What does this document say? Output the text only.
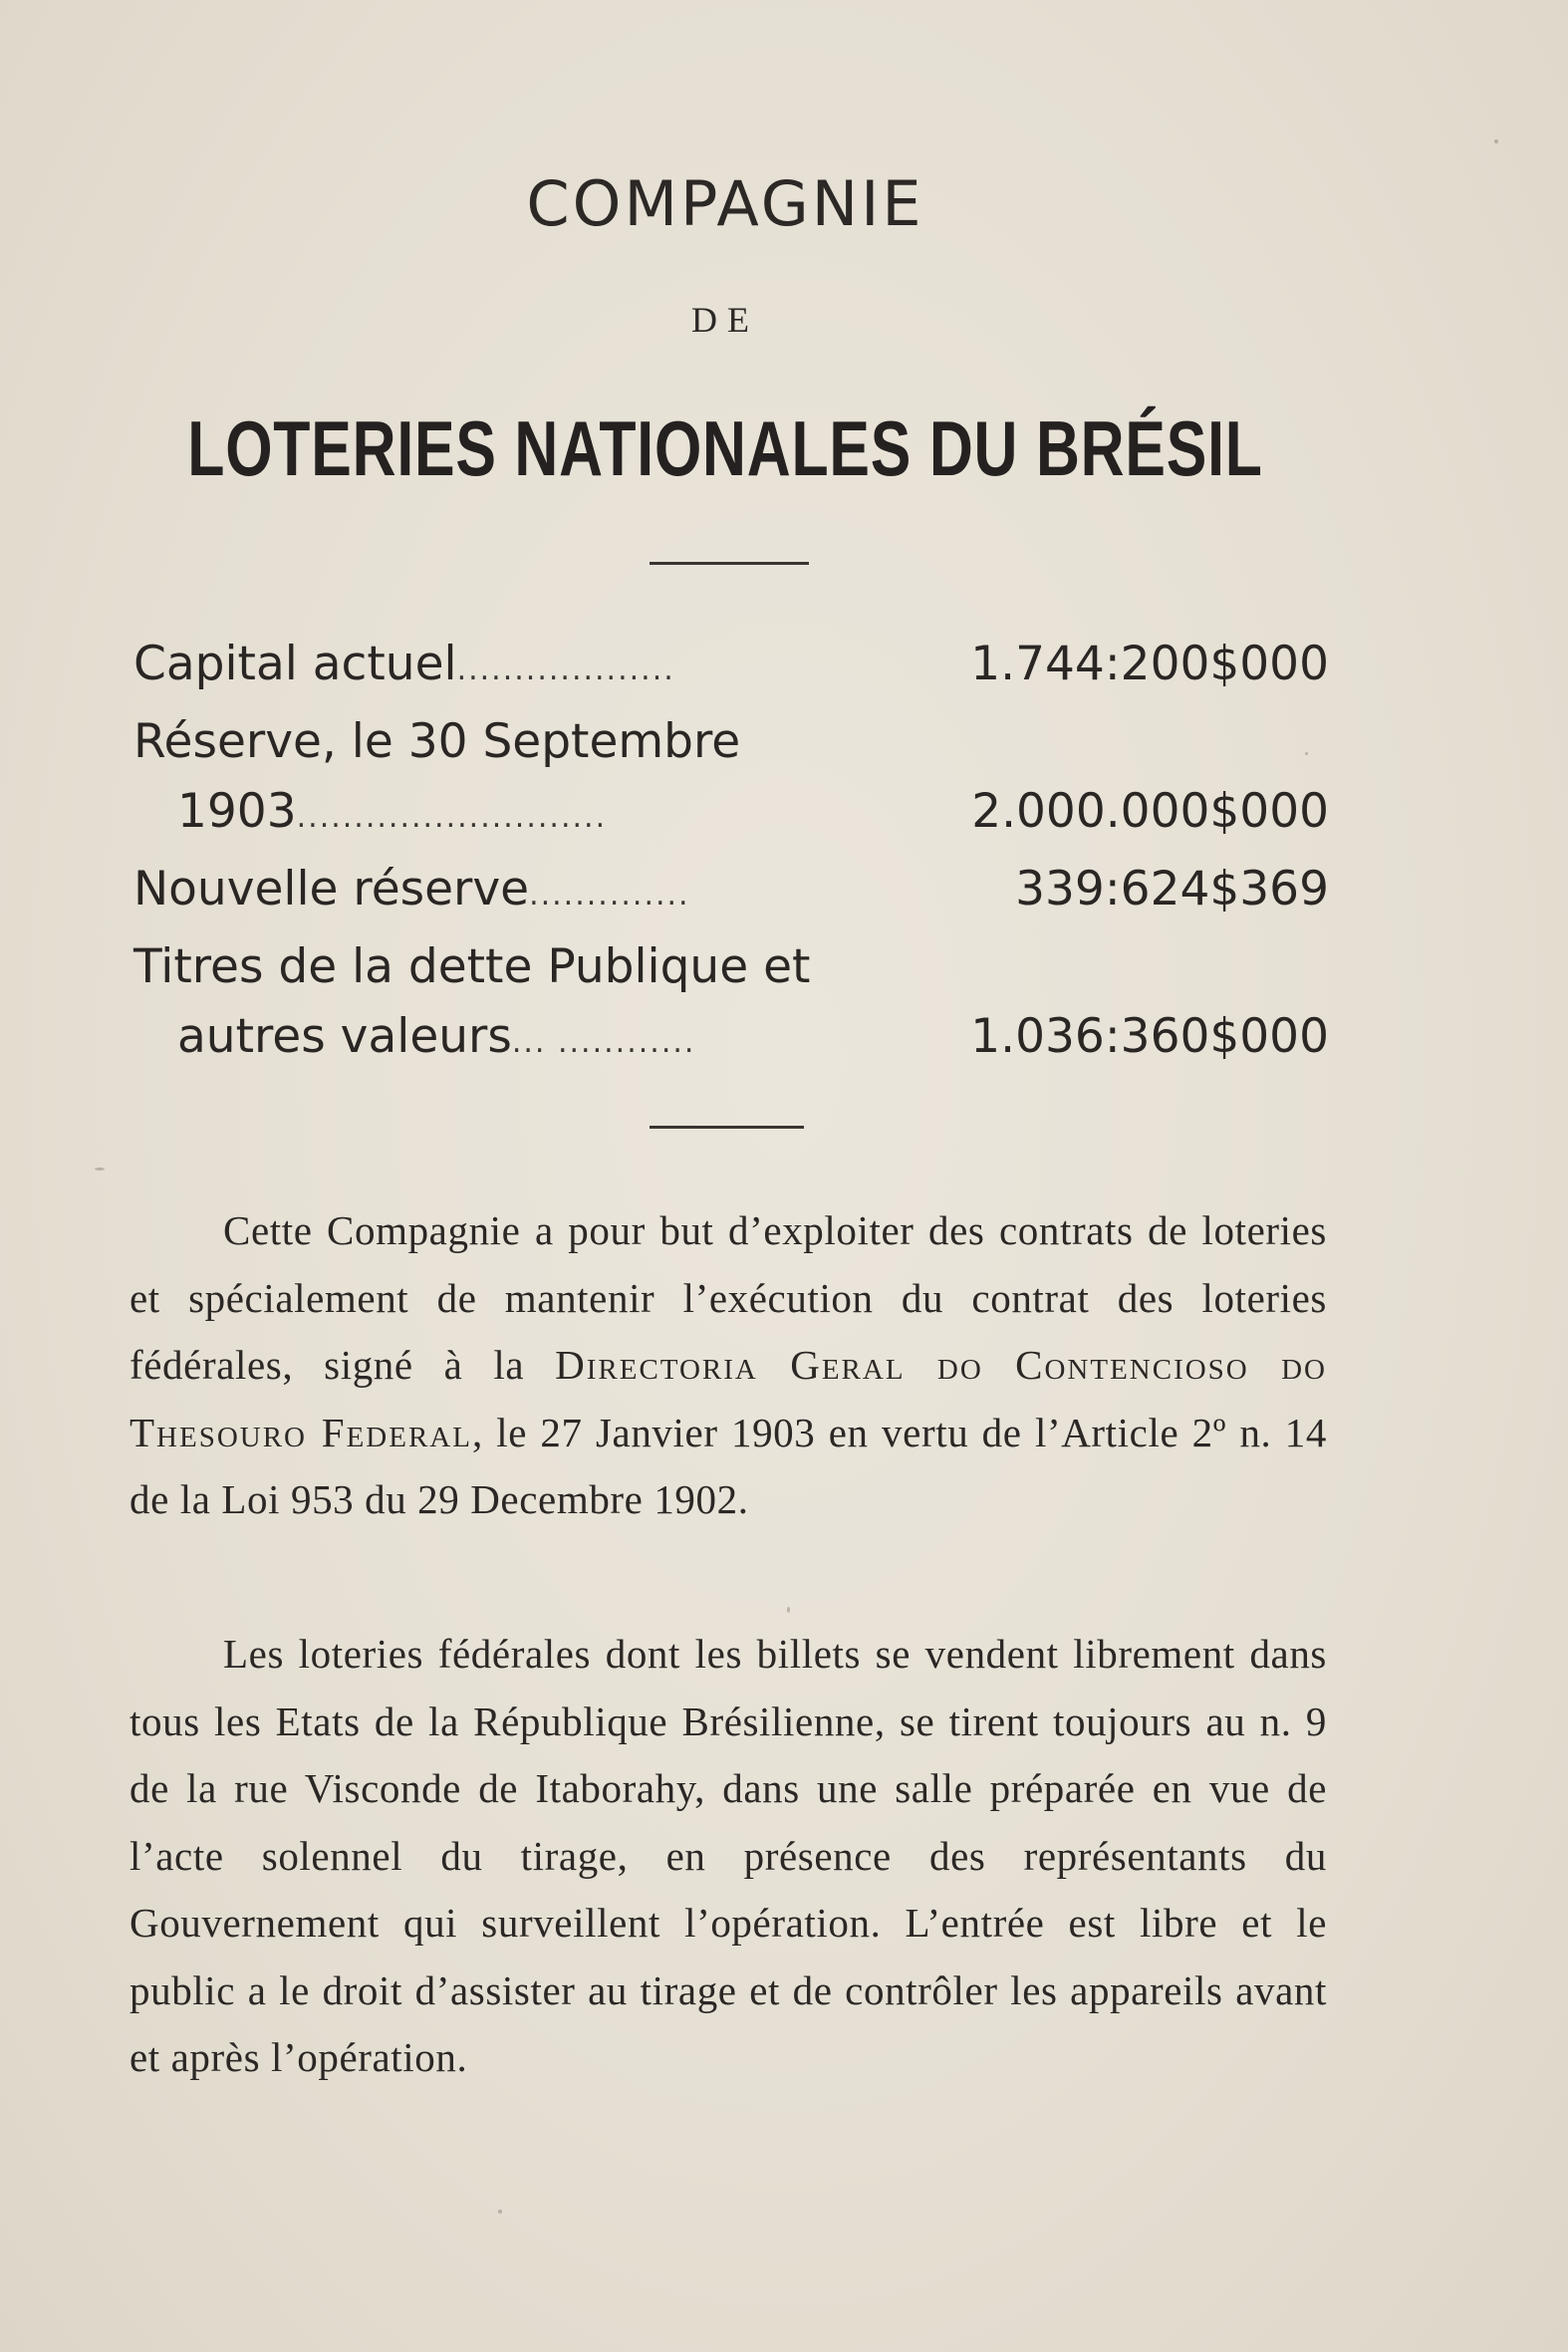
COMPAGNIE
DE
LOTERIES NATIONALES DU BRÉSIL
Capital actuel...................	1.744:200$000
Réserve, le 30 Septembre
1903...........................	2.000.000$000
Nouvelle réserve..............	339:624$369
Titres de la dette Publique et
autres valeurs... ............	1.036:360$000

Cette Compagnie a pour but d’exploiter des contrats de loteries et spécialement de mantenir l’exécution du contrat des loteries fédérales, signé à la Directoria Geral do Contencioso do Thesouro Federal, le 27 Janvier 1903 en vertu de l’Article 2º n. 14 de la Loi 953 du 29 Decembre 1902.

Les loteries fédérales dont les billets se vendent librement dans tous les Etats de la République Brésilienne, se tirent toujours au n. 9 de la rue Visconde de Itaborahy, dans une salle préparée en vue de l’acte solennel du tirage, en présence des représentants du Gouvernement qui surveillent l’opération. L’entrée est libre et le public a le droit d’assister au tirage et de contrôler les appareils avant et après l’opération.
